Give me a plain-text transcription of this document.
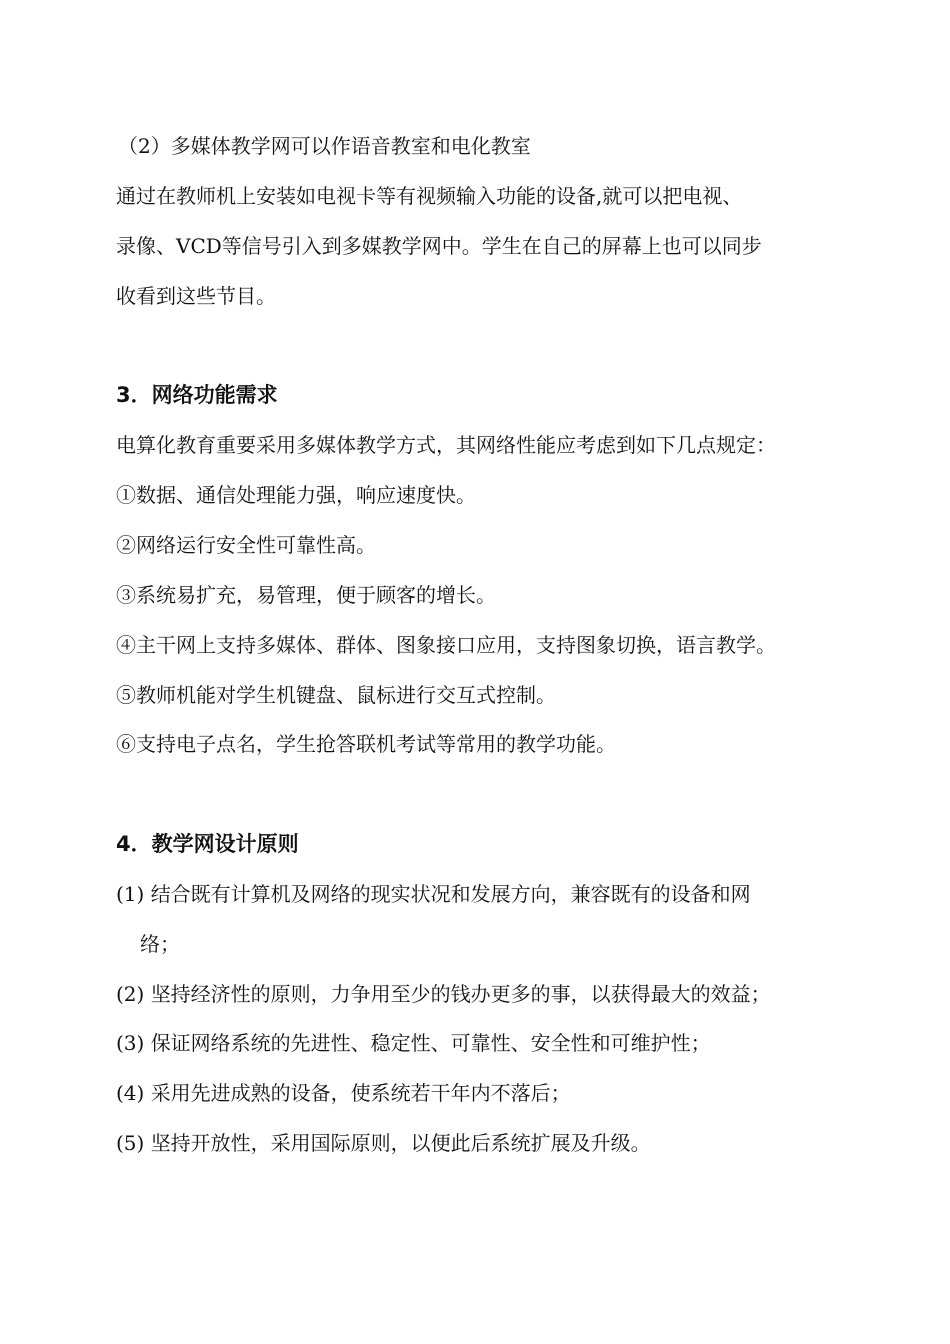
（2）多媒体教学网可以作语音教室和电化教室
通过在教师机上安装如电视卡等有视频输入功能的设备,就可以把电视、
录像、VCD等信号引入到多媒教学网中。学生在自己的屏幕上也可以同步
收看到这些节目。
3．网络功能需求
电算化教育重要采用多媒体教学方式，其网络性能应考虑到如下几点规定：
①数据、通信处理能力强，响应速度快。
②网络运行安全性可靠性高。
③系统易扩充，易管理，便于顾客的增长。
④主干网上支持多媒体、群体、图象接口应用，支持图象切换，语言教学。
⑤教师机能对学生机键盘、鼠标进行交互式控制。
⑥支持电子点名，学生抢答联机考试等常用的教学功能。
4．教学网设计原则
(1) 结合既有计算机及网络的现实状况和发展方向，兼容既有的设备和网
络；
(2) 坚持经济性的原则，力争用至少的钱办更多的事，以获得最大的效益；
(3) 保证网络系统的先进性、稳定性、可靠性、安全性和可维护性；
(4) 采用先进成熟的设备，使系统若干年内不落后；
(5) 坚持开放性，采用国际原则，以便此后系统扩展及升级。
